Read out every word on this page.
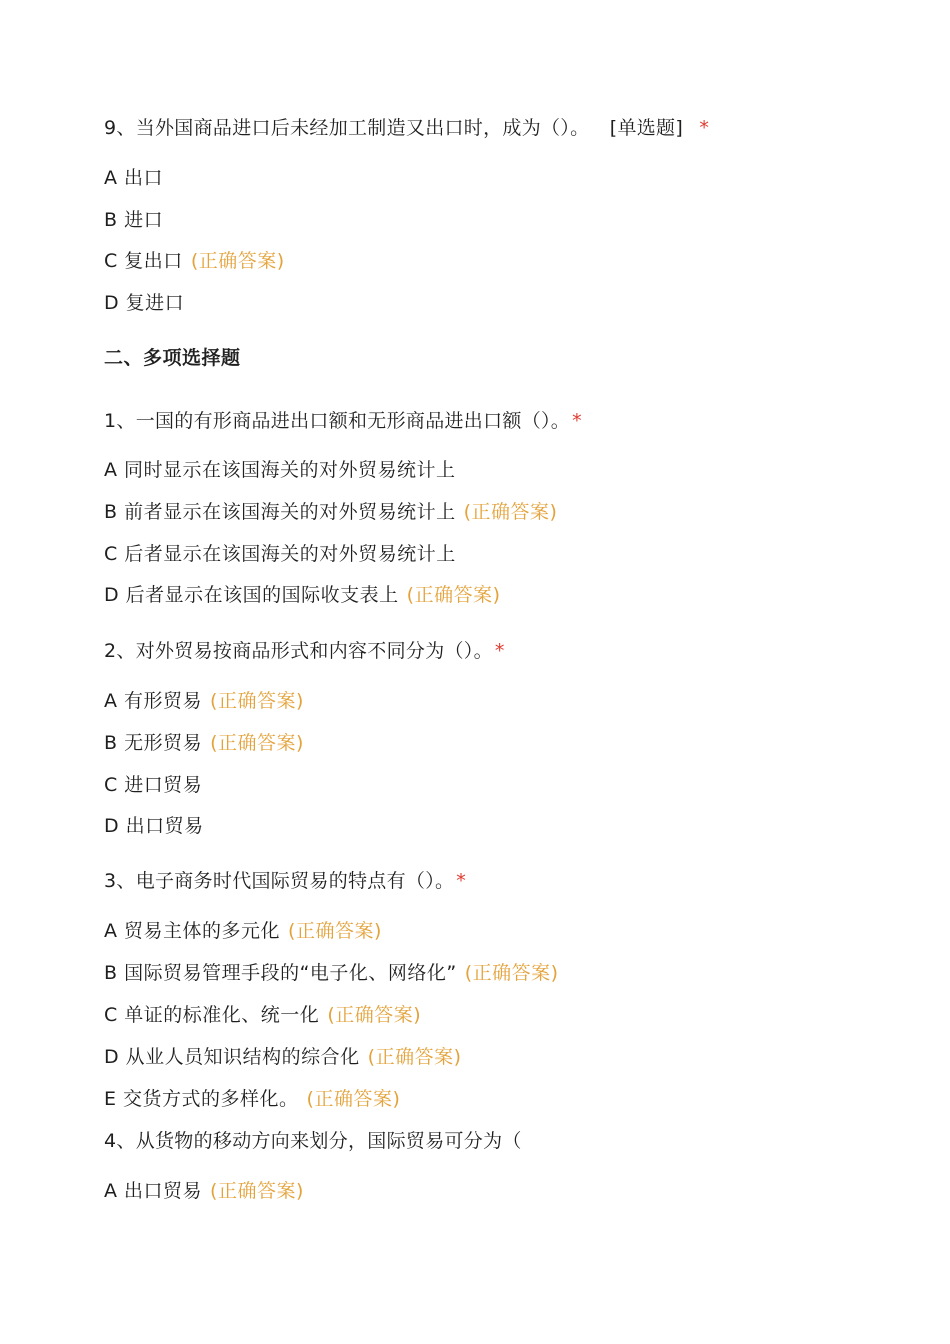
9、当外国商品进口后未经加工制造又出口时，成为（）。 [单选题] *
A 出口
B 进口
C 复出口 (正确答案)
D 复进口
二、多项选择题
1、一国的有形商品进出口额和无形商品进出口额（）。 *
A 同时显示在该国海关的对外贸易统计上
B 前者显示在该国海关的对外贸易统计上 (正确答案)
C 后者显示在该国海关的对外贸易统计上
D 后者显示在该国的国际收支表上 (正确答案)
2、对外贸易按商品形式和内容不同分为（）。 *
A 有形贸易 (正确答案)
B 无形贸易 (正确答案)
C 进口贸易
D 出口贸易
3、电子商务时代国际贸易的特点有（）。 *
A 贸易主体的多元化 (正确答案)
B 国际贸易管理手段的“电子化、网络化” (正确答案)
C 单证的标准化、统一化 (正确答案)
D 从业人员知识结构的综合化 (正确答案)
E 交货方式的多样化。 (正确答案)
4、从货物的移动方向来划分，国际贸易可分为（
A 出口贸易 (正确答案)
